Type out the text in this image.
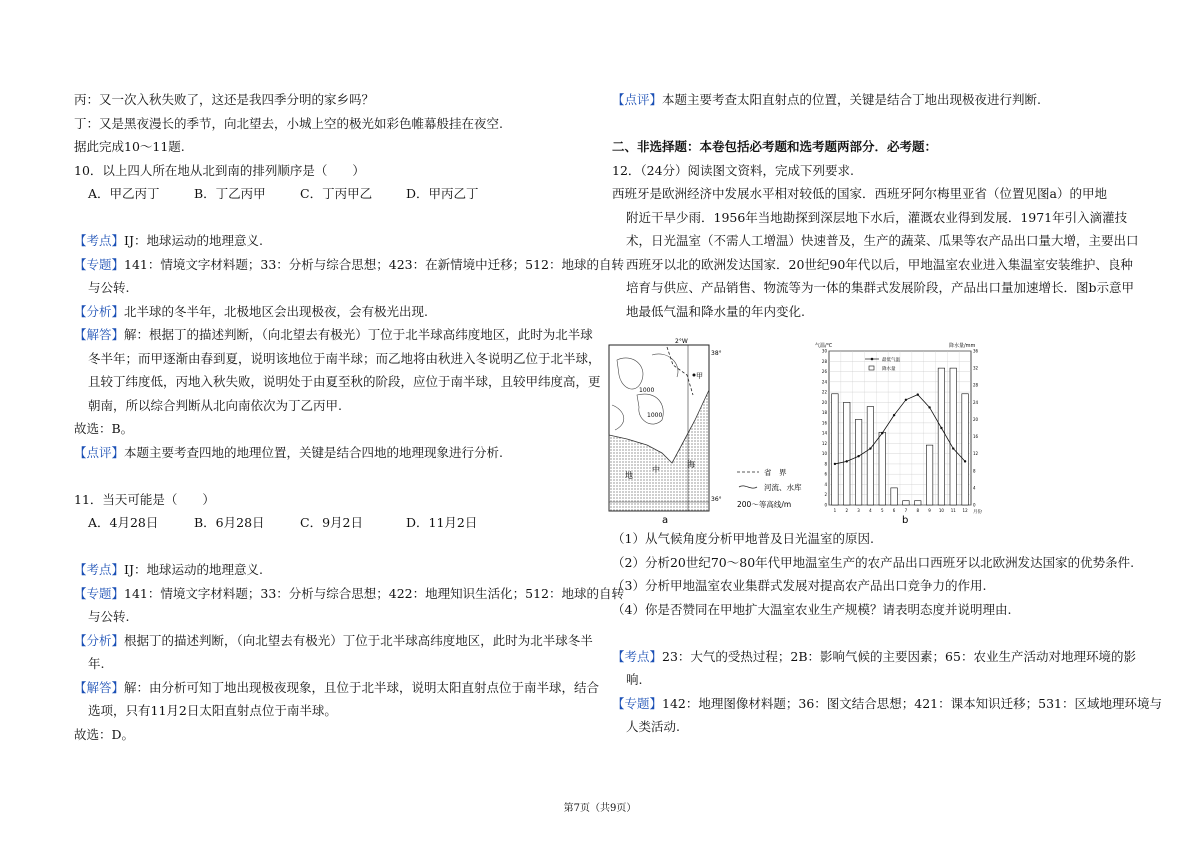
丙：又一次入秋失败了，这还是我四季分明的家乡吗？
丁：又是黑夜漫长的季节，向北望去，小城上空的极光如彩色帷幕般挂在夜空.
据此完成10～11题.
10．以上四人所在地从北到南的排列顺序是（　　）
A．甲乙丙丁	B．丁乙丙甲	C．丁丙甲乙	D．甲丙乙丁
【考点】IJ：地球运动的地理意义.
【专题】141：情境文字材料题；33：分析与综合思想；423：在新情境中迁移；512：地球的自转
与公转.
【分析】北半球的冬半年，北极地区会出现极夜，会有极光出现.
【解答】解：根据丁的描述判断，（向北望去有极光）丁位于北半球高纬度地区，此时为北半球
冬半年；而甲逐渐由春到夏，说明该地位于南半球；而乙地将由秋进入冬说明乙位于北半球，
且较丁纬度低，丙地入秋失败，说明处于由夏至秋的阶段，应位于南半球，且较甲纬度高，更
朝南，所以综合判断从北向南依次为丁乙丙甲.
故选：B。
【点评】本题主要考查四地的地理位置，关键是结合四地的地理现象进行分析.
11．当天可能是（　　）
A．4月28日	B．6月28日	C．9月2日	D．11月2日
【考点】IJ：地球运动的地理意义.
【专题】141：情境文字材料题；33：分析与综合思想；422：地理知识生活化；512：地球的自转
与公转.
【分析】根据丁的描述判断，（向北望去有极光）丁位于北半球高纬度地区，此时为北半球冬半
年.
【解答】解：由分析可知丁地出现极夜现象，且位于北半球，说明太阳直射点位于南半球，结合
选项，只有11月2日太阳直射点位于南半球。
故选：D。
【点评】本题主要考查太阳直射点的位置，关键是结合丁地出现极夜进行判断.
二、非选择题：本卷包括必考题和选考题两部分．必考题：
12．（24分）阅读图文资料，完成下列要求.
西班牙是欧洲经济中发展水平相对较低的国家．西班牙阿尔梅里亚省（位置见图a）的甲地
附近干旱少雨．1956年当地勘探到深层地下水后，灌溉农业得到发展．1971年引入滴灌技
术，日光温室（不需人工增温）快速普及，生产的蔬菜、瓜果等农产品出口量大增，主要出口
西班牙以北的欧洲发达国家．20世纪90年代以后，甲地温室农业进入集温室安装维护、良种
培育与供应、产品销售、物流等为一体的集群式发展阶段，产品出口量加速增长．图b示意甲
地最低气温和降水量的年内变化.
（1）从气候角度分析甲地普及日光温室的原因.
（2）分析20世纪70～80年代甲地温室生产的农产品出口西班牙以北欧洲发达国家的优势条件.
（3）分析甲地温室农业集群式发展对提高农产品出口竞争力的作用.
（4）你是否赞同在甲地扩大温室农业生产规模？请表明态度并说明理由.
【考点】23：大气的受热过程；2B：影响气候的主要因素；65：农业生产活动对地理环境的影
响.
【专题】142：地理图像材料题；36：图文结合思想；421：课本知识迁移；531：区域地理环境与
人类活动.
甲
1000
1000
2°W
38°
36°
地
中
海
a
省　界
河流、水库
200～等高线/m	0
2
4
6
8
10
12
14
16
18
20
22
24
26
28
30
0
4
8
12
16
20
24
28
32
36
1 2 3 4 5 6 7 8 9 10 11 12
气温/℃	降水量/mm
最低气温
降水量
月份
b
第7页（共9页）
